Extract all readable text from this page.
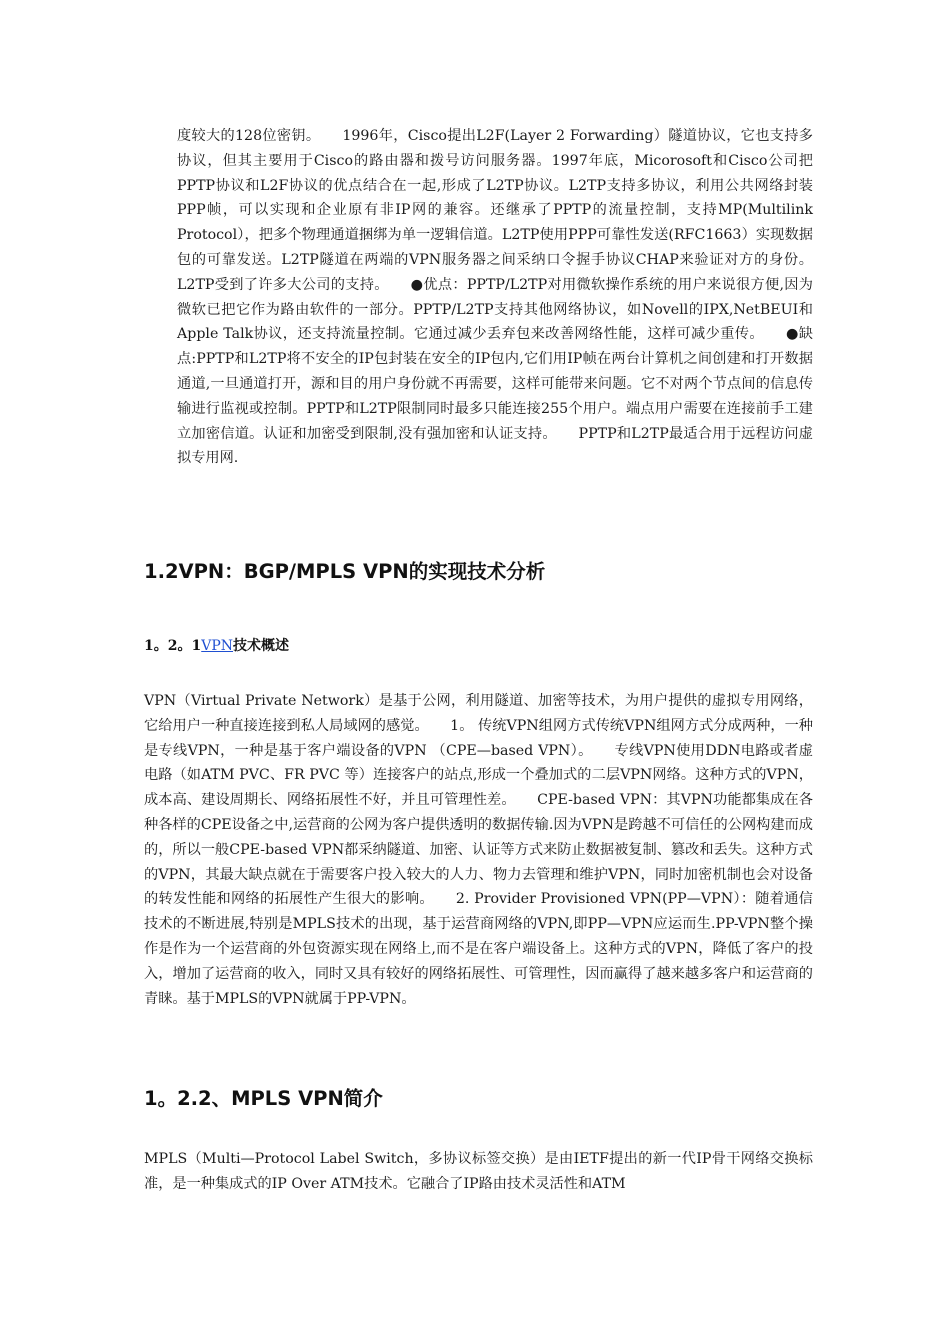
度较大的128位密钥。　　1996年，Cisco提出L2F(Layer 2 Forwarding）隧道协议，它也支持多协议，但其主要用于Cisco的路由器和拨号访问服务器。1997年底，Micorosoft和Cisco公司把PPTP协议和L2F协议的优点结合在一起,形成了L2TP协议。L2TP支持多协议，利用公共网络封装PPP帧，可以实现和企业原有非IP网的兼容。还继承了PPTP的流量控制，支持MP(Multilink Protocol），把多个物理通道捆绑为单一逻辑信道。L2TP使用PPP可靠性发送(RFC1663）实现数据包的可靠发送。L2TP隧道在两端的VPN服务器之间采纳口令握手协议CHAP来验证对方的身份。L2TP受到了许多大公司的支持。　　●优点：PPTP/L2TP对用微软操作系统的用户来说很方便,因为微软已把它作为路由软件的一部分。PPTP/L2TP支持其他网络协议，如Novell的IPX,NetBEUI和Apple Talk协议，还支持流量控制。它通过减少丢弃包来改善网络性能，这样可减少重传。　　●缺点:PPTP和L2TP将不安全的IP包封装在安全的IP包内,它们用IP帧在两台计算机之间创建和打开数据通道,一旦通道打开，源和目的用户身份就不再需要，这样可能带来问题。它不对两个节点间的信息传输进行监视或控制。PPTP和L2TP限制同时最多只能连接255个用户。端点用户需要在连接前手工建立加密信道。认证和加密受到限制,没有强加密和认证支持。　　PPTP和L2TP最适合用于远程访问虚拟专用网.

1.2VPN：BGP/MPLS VPN的实现技术分析
1。2。1VPN技术概述

VPN（Virtual Private Network）是基于公网，利用隧道、加密等技术，为用户提供的虚拟专用网络，它给用户一种直接连接到私人局域网的感觉。　　1。 传统VPN组网方式传统VPN组网方式分成两种，一种是专线VPN，一种是基于客户端设备的VPN （CPE—based VPN）。　　专线VPN使用DDN电路或者虚电路（如ATM PVC、FR PVC 等）连接客户的站点,形成一个叠加式的二层VPN网络。这种方式的VPN，成本高、建设周期长、网络拓展性不好，并且可管理性差。　　CPE-based VPN：其VPN功能都集成在各种各样的CPE设备之中,运营商的公网为客户提供透明的数据传输.因为VPN是跨越不可信任的公网构建而成的，所以一般CPE-based VPN都采纳隧道、加密、认证等方式来防止数据被复制、篡改和丢失。这种方式的VPN，其最大缺点就在于需要客户投入较大的人力、物力去管理和维护VPN，同时加密机制也会对设备的转发性能和网络的拓展性产生很大的影响。　　2. Provider Provisioned VPN(PP—VPN）：随着通信技术的不断进展,特别是MPLS技术的出现，基于运营商网络的VPN,即PP—VPN应运而生.PP-VPN整个操作是作为一个运营商的外包资源实现在网络上,而不是在客户端设备上。这种方式的VPN，降低了客户的投入，增加了运营商的收入，同时又具有较好的网络拓展性、可管理性，因而赢得了越来越多客户和运营商的青睐。基于MPLS的VPN就属于PP-VPN。

1。2.2、MPLS VPN简介

MPLS（Multi—Protocol Label Switch，多协议标签交换）是由IETF提出的新一代IP骨干网络交换标准，是一种集成式的IP Over ATM技术。它融合了IP路由技术灵活性和ATM
